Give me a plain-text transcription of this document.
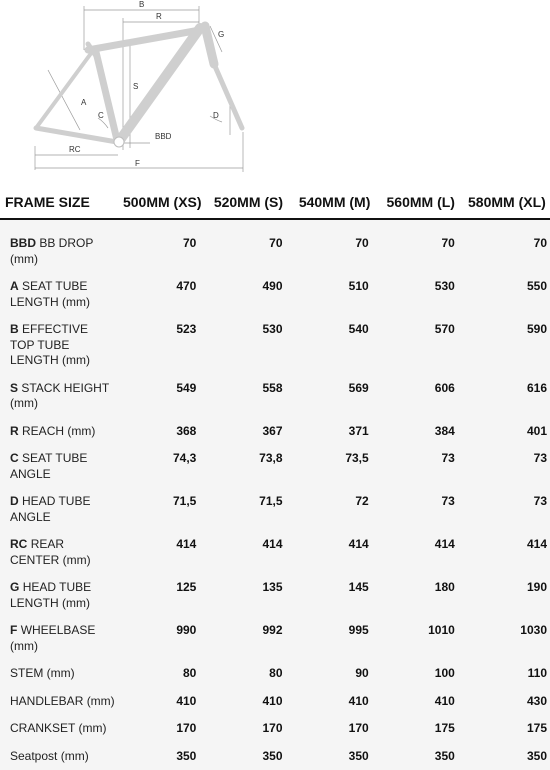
B
R
G
S
A
C	D
BBD
RC
F
FRAME SIZE	500MM (XS)	520MM (S)	540MM (M)	560MM (L)	580MM (XL)

BBD BB DROP (mm)	70	70	70	70	70
A SEAT TUBE LENGTH (mm)	470	490	510	530	550
B EFFECTIVE TOP TUBE LENGTH (mm)	523	530	540	570	590
S STACK HEIGHT (mm)	549	558	569	606	616
R REACH (mm)	368	367	371	384	401
C SEAT TUBE ANGLE	74,3	73,8	73,5	73	73
D HEAD TUBE ANGLE	71,5	71,5	72	73	73
RC REAR CENTER (mm)	414	414	414	414	414
G HEAD TUBE LENGTH (mm)	125	135	145	180	190
F WHEELBASE (mm)	990	992	995	1010	1030
STEM (mm)	80	80	90	100	110
HANDLEBAR (mm)	410	410	410	410	430
CRANKSET (mm)	170	170	170	175	175
Seatpost (mm)	350	350	350	350	350
